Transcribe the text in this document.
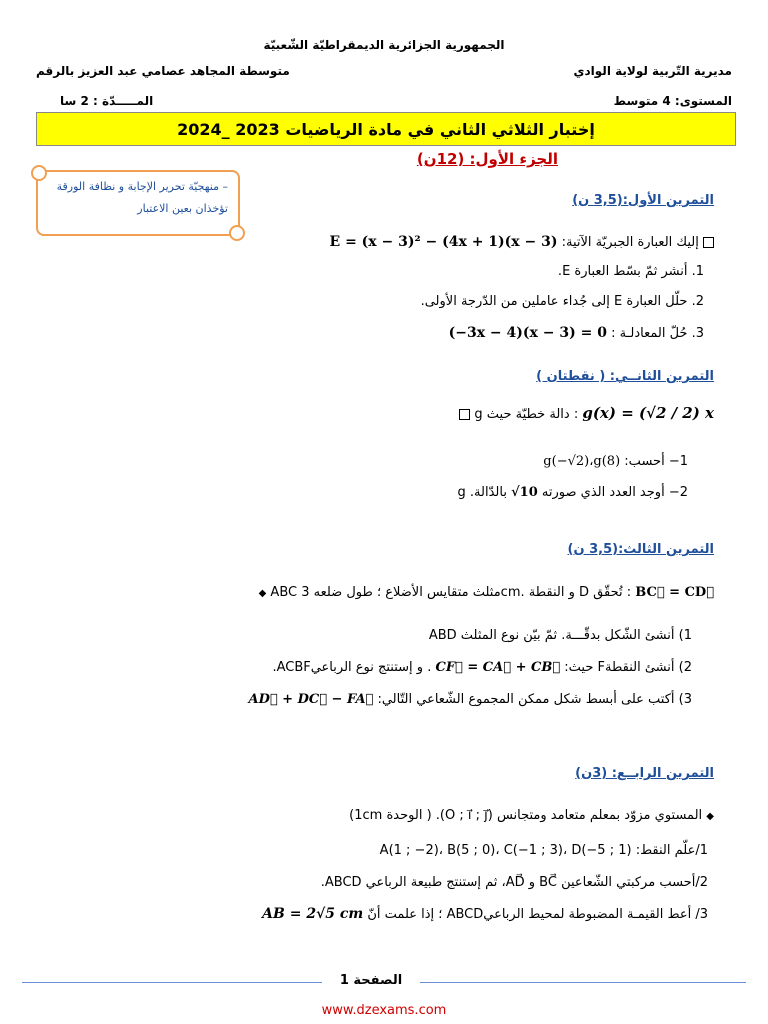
الجمهورية الجزائرية الديمقراطيّة الشّعبيّة
مديرية التّربية لولاية الوادي
متوسطة المجاهد عصامي عبد العزيز بالرقم
المستوى: 4 متوسط
المـــــدّة : 2 سا
إختبار الثلاثي الثاني في مادة الرياضيات 2023 _2024
الجزء الأول: (12ن)
– منهجيّة تحرير الإجابة و نظافة الورقة تؤخذان بعين الاعتبار
التمرين الأول:(3,5 ن)
إليك العبارة الجبريّة الآتية: E = (x − 3)² − (4x + 1)(x − 3)
1. أنشر ثمّ بسّط العبارة E.
2. حلّل العبارة E إلى جُداء عاملين من الدّرجة الأولى.
3. حُلّ المعادلـة : (−3x − 4)(x − 3) = 0
التمرين الثانــي: ( نقطتان )
g دالة خطيّة حيث : g(x) = (√2 / 2) x
1− أحسب: g(−√2)،g(8)
2− أوجد العدد الذي صورته √10 بالدّالة. g
التمرين الثالث:(3,5 ن)
◆ ABC مثلث متقايس الأضلاع ؛ طول ضلعه 3cm. و النقطة D تُحقّق : BC⃗ = CD⃗
1) أنشئ الشّكل بدقّـــة. ثمّ بيّن نوع المثلث ABD
2) أنشئ النقطةF حيث: CF⃗ = CA⃗ + CB⃗ . و إستنتج نوع الرباعيACBF.
3) أكتب على أبسط شكل ممكن المجموع الشّعاعي التّالي: AD⃗ + DC⃗ − FA⃗
التمرين الرابــع: (3ن)
◆ المستوي مزوّد بمعلم متعامد ومتجانس (O ; i⃗ ; j⃗). ( الوحدة 1cm)
1/علّم النقط: A(1 ; −2)، B(5 ; 0)، C(−1 ; 3)، D(−5 ; 1)
2/أحسب مركبتي الشّعاعين BC⃗ و AD⃗، ثم إستنتج طبيعة الرباعي ABCD.
3/ أعط القيمـة المضبوطة لمحيط الرباعيABCD ؛ إذا علمت أنّ AB = 2√5 cm
الصفحة 1
www.dzexams.com
